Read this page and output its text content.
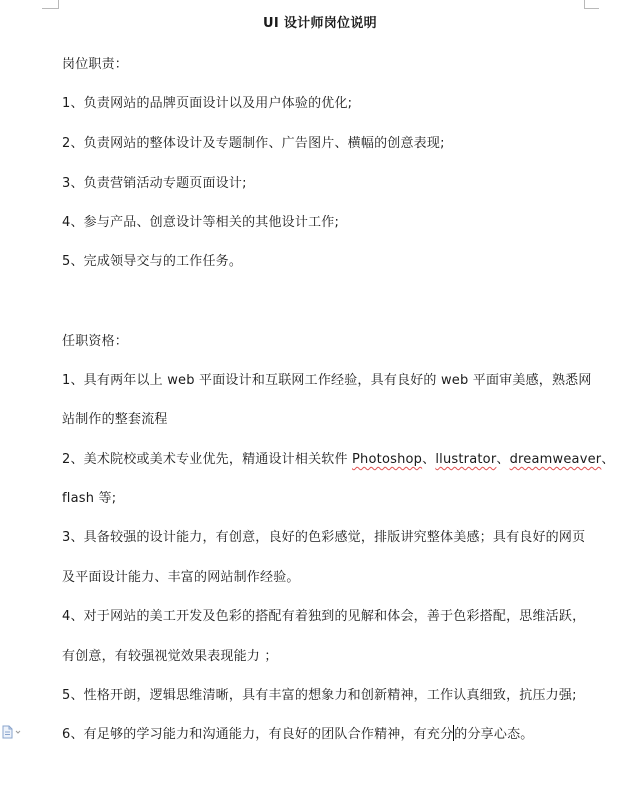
UI 设计师岗位说明
岗位职责：
1、负责网站的品牌页面设计以及用户体验的优化;
2、负责网站的整体设计及专题制作、广告图片、横幅的创意表现;
3、负责营销活动专题页面设计;
4、参与产品、创意设计等相关的其他设计工作;
5、完成领导交与的工作任务。
任职资格：
1、具有两年以上 web 平面设计和互联网工作经验，具有良好的 web 平面审美感，熟悉网
站制作的整套流程
2、美术院校或美术专业优先，精通设计相关软件 Photoshop、llustrator、dreamweaver、
flash 等;
3、具备较强的设计能力，有创意，良好的色彩感觉，排版讲究整体美感；具有良好的网页
及平面设计能力、丰富的网站制作经验。
4、对于网站的美工开发及色彩的搭配有着独到的见解和体会，善于色彩搭配，思维活跃，
有创意，有较强视觉效果表现能力 ；
5、性格开朗，逻辑思维清晰，具有丰富的想象力和创新精神，工作认真细致，抗压力强;
6、有足够的学习能力和沟通能力，有良好的团队合作精神，有充分的分享心态。
